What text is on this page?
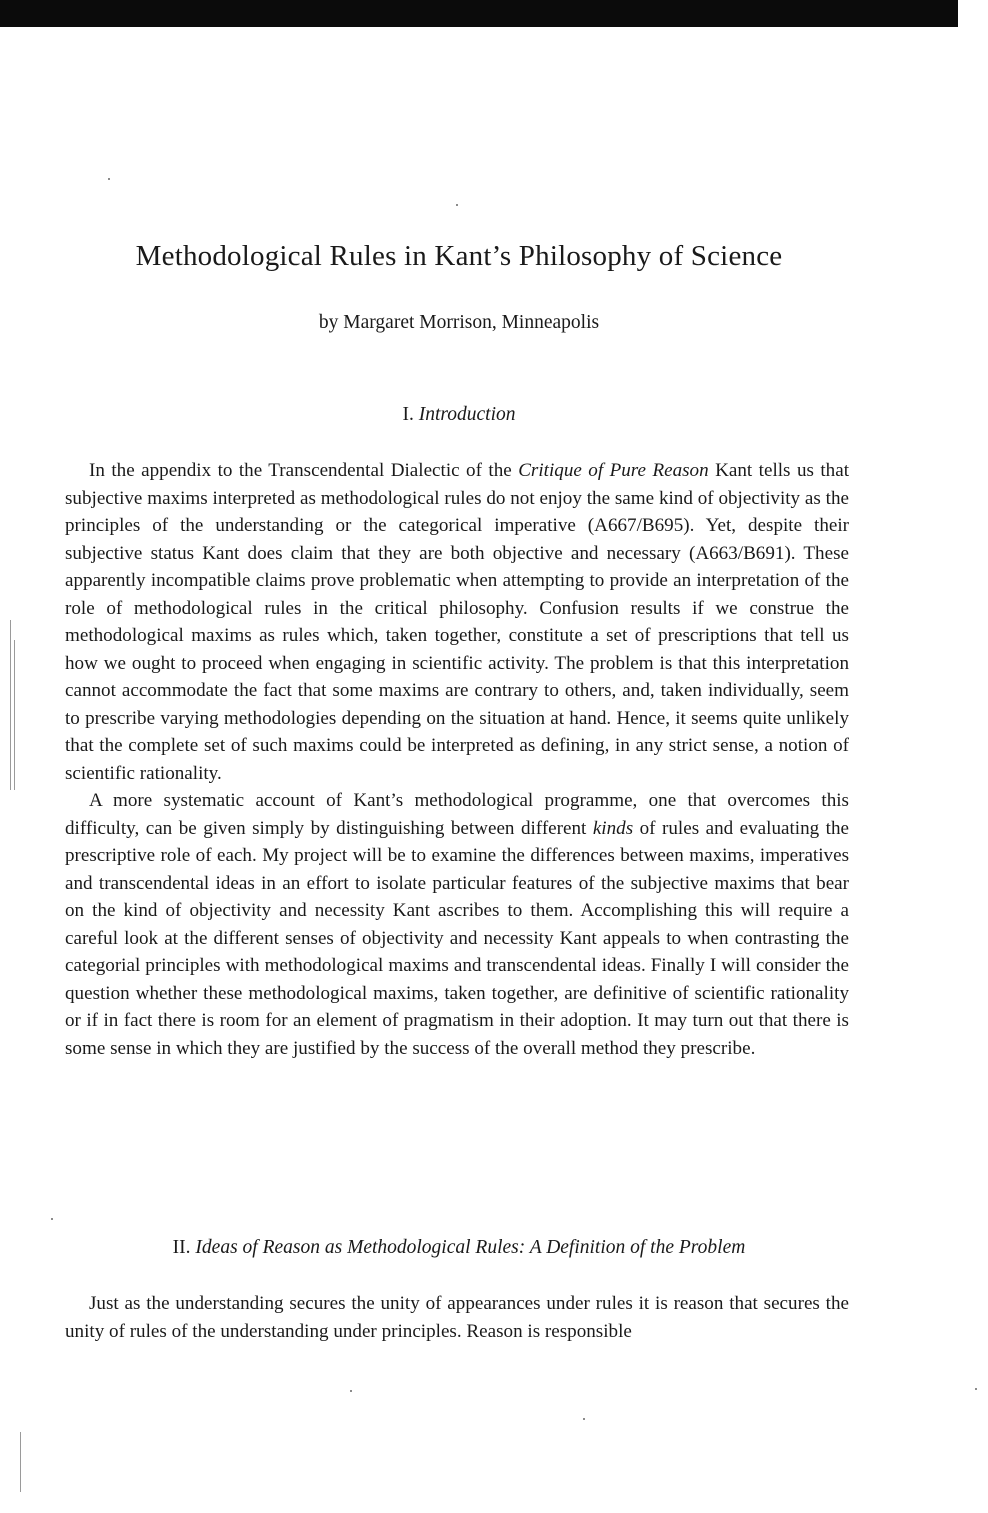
Methodological Rules in Kant’s Philosophy of Science
by Margaret Morrison, Minneapolis
I. Introduction

In the appendix to the Transcendental Dialectic of the Critique of Pure Reason Kant tells us that subjective maxims interpreted as methodological rules do not enjoy the same kind of objectivity as the principles of the understanding or the categorical imperative (A667/B695). Yet, despite their subjective status Kant does claim that they are both objective and necessary (A663/B691). These apparently incompatible claims prove problematic when attempting to provide an interpretation of the role of methodological rules in the critical philosophy. Confusion results if we construe the methodological maxims as rules which, taken together, constitute a set of prescriptions that tell us how we ought to proceed when engaging in scientific activity. The problem is that this interpretation cannot accommodate the fact that some maxims are contrary to others, and, taken individually, seem to prescribe varying methodologies depending on the situation at hand. Hence, it seems quite unlikely that the complete set of such maxims could be interpreted as defining, in any strict sense, a notion of scientific rationality.

A more systematic account of Kant’s methodological programme, one that overcomes this difficulty, can be given simply by distinguishing between different kinds of rules and evaluating the prescriptive role of each. My project will be to examine the differences between maxims, imperatives and transcendental ideas in an effort to isolate particular features of the subjective maxims that bear on the kind of objectivity and necessity Kant ascribes to them. Accomplishing this will require a careful look at the different senses of objectivity and necessity Kant appeals to when contrasting the categorial principles with methodological maxims and transcendental ideas. Finally I will consider the question whether these methodological maxims, taken together, are definitive of scientific rationality or if in fact there is room for an element of pragmatism in their adoption. It may turn out that there is some sense in which they are justified by the success of the overall method they prescribe.

II. Ideas of Reason as Methodological Rules: A Definition of the Problem

Just as the understanding secures the unity of appearances under rules it is reason that secures the unity of rules of the understanding under principles. Reason is responsible
